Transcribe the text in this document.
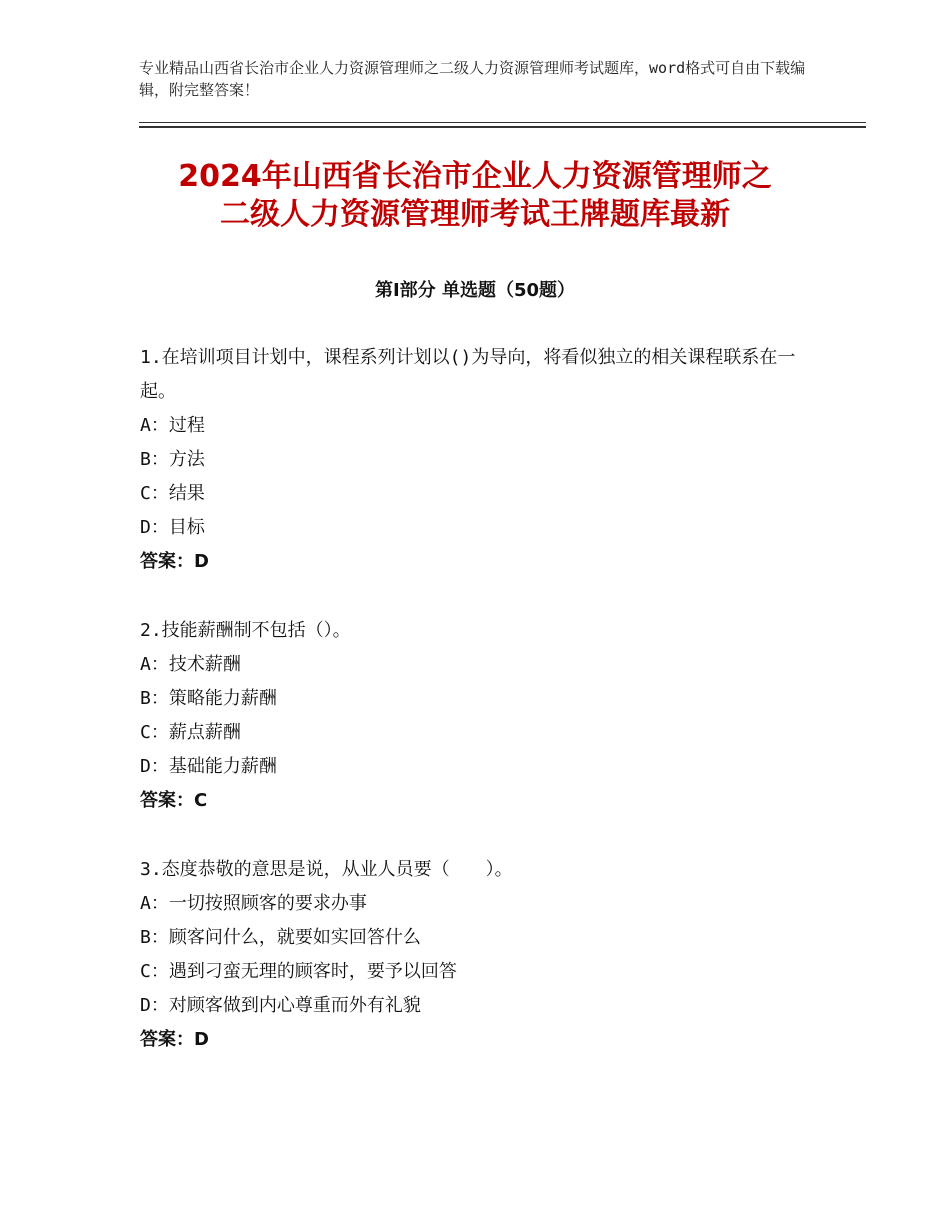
专业精品山西省长治市企业人力资源管理师之二级人力资源管理师考试题库，word格式可自由下载编辑，附完整答案！
2024年山西省长治市企业人力资源管理师之
二级人力资源管理师考试王牌题库最新
第Ⅰ部分 单选题（50题）
1.在培训项目计划中，课程系列计划以()为导向，将看似独立的相关课程联系在一起。
A：过程
B：方法
C：结果
D：目标
答案：D
2.技能薪酬制不包括（）。
A：技术薪酬
B：策略能力薪酬
C：薪点薪酬
D：基础能力薪酬
答案：C
3.态度恭敬的意思是说，从业人员要（　　）。
A：一切按照顾客的要求办事
B：顾客问什么，就要如实回答什么
C：遇到刁蛮无理的顾客时，要予以回答
D：对顾客做到内心尊重而外有礼貌
答案：D
